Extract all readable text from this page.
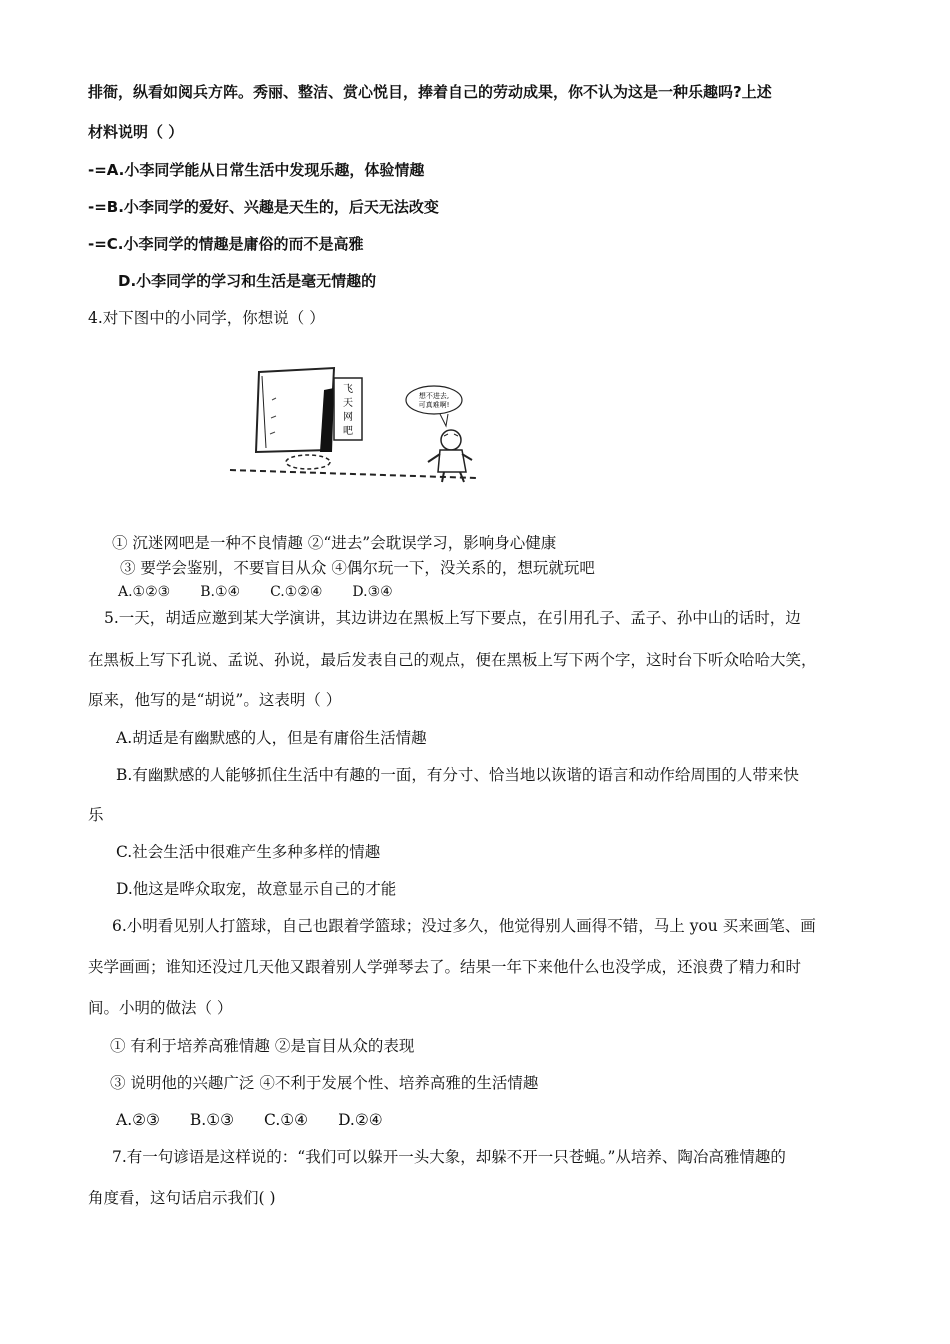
排衙，纵看如阅兵方阵。秀丽、整洁、赏心悦目，捧着自己的劳动成果，你不认为这是一种乐趣吗?上述
材料说明（ ）
-=A.小李同学能从日常生活中发现乐趣，体验情趣
-=B.小李同学的爱好、兴趣是天生的，后天无法改变
-=C.小李同学的情趣是庸俗的而不是高雅
D.小李同学的学习和生活是毫无情趣的
4.对下图中的小同学，你想说（ ）
飞
天
网
吧
想不进去,
可真难啊!
① 沉迷网吧是一种不良情趣 ②“进去”会耽误学习，影响身心健康
③ 要学会鉴别，不要盲目从众 ④偶尔玩一下，没关系的，想玩就玩吧
A.①②③ B.①④ C.①②④ D.③④
5.一天，胡适应邀到某大学演讲，其边讲边在黑板上写下要点，在引用孔子、孟子、孙中山的话时，边
在黑板上写下孔说、孟说、孙说，最后发表自己的观点，便在黑板上写下两个字，这时台下听众哈哈大笑，
原来，他写的是“胡说”。这表明（ ）
A.胡适是有幽默感的人，但是有庸俗生活情趣
B.有幽默感的人能够抓住生活中有趣的一面，有分寸、恰当地以诙谐的语言和动作给周围的人带来快
乐
C.社会生活中很难产生多种多样的情趣
D.他这是哗众取宠，故意显示自己的才能
6.小明看见别人打篮球，自己也跟着学篮球；没过多久，他觉得别人画得不错，马上 you 买来画笔、画
夹学画画；谁知还没过几天他又跟着别人学弹琴去了。结果一年下来他什么也没学成，还浪费了精力和时
间。小明的做法（ ）
① 有利于培养高雅情趣 ②是盲目从众的表现
③ 说明他的兴趣广泛 ④不利于发展个性、培养高雅的生活情趣
A.②③ B.①③ C.①④ D.②④
7.有一句谚语是这样说的：“我们可以躲开一头大象，却躲不开一只苍蝇。”从培养、陶冶高雅情趣的
角度看，这句话启示我们( )
